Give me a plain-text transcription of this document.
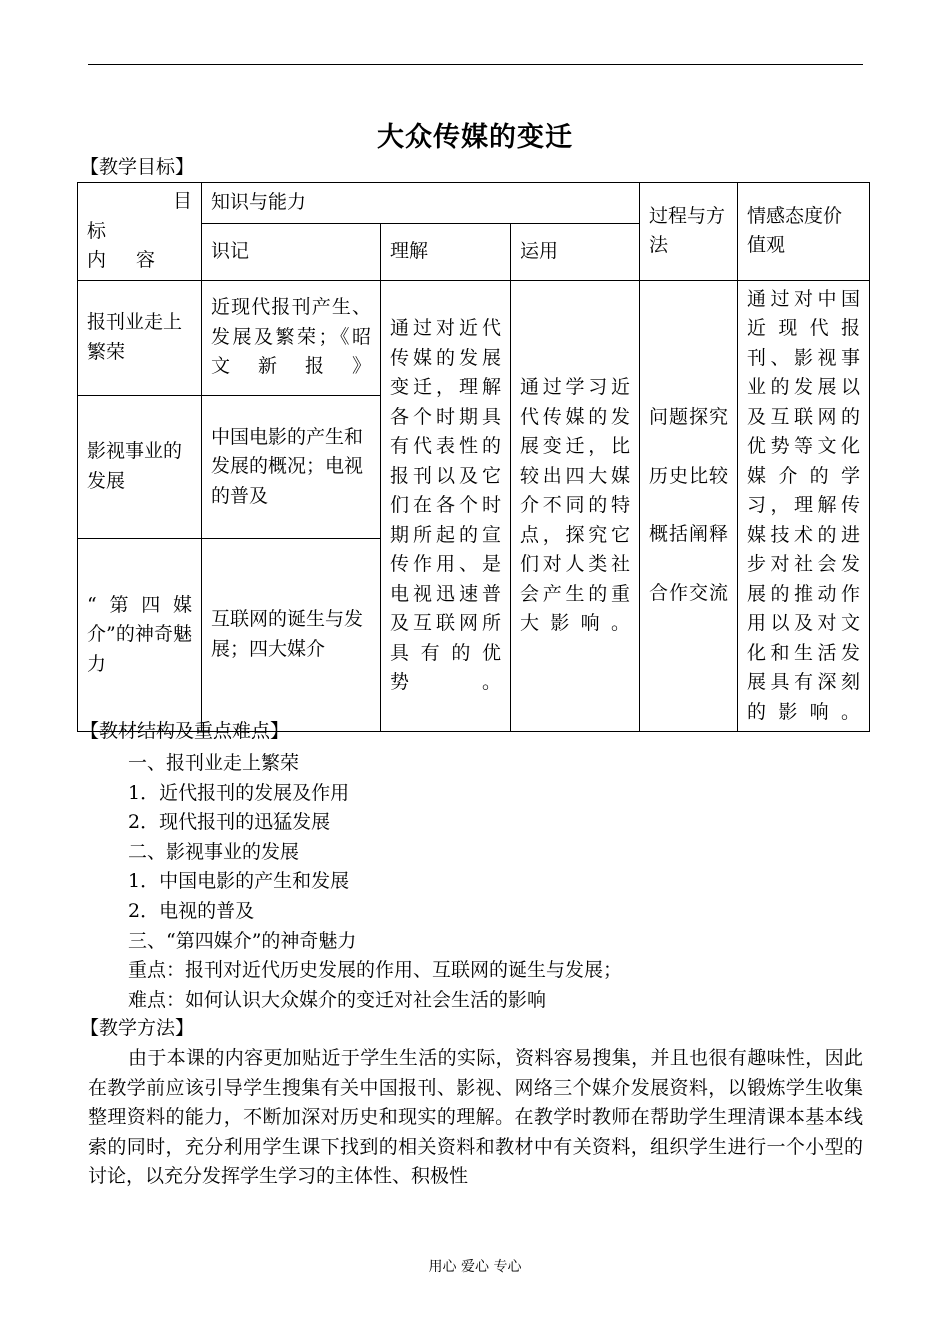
大众传媒的变迁
【教学目标】
目
标
内容	知识与能力			过程与方法	情感态度价值观
	识记	理解	运用		
报刊业走上繁荣	近现代报刊产生、发展及繁荣；《昭文新报》	通过对近代传媒的发展变迁，理解各个时期具有代表性的报刊以及它们在各个时期所起的宣传作用、是电视迅速普及互联网所具有的优势。	通过学习近代传媒的发展变迁，比较出四大媒介不同的特点，探究它们对人类社会产生的重大影响。	问题探究
历史比较
概括阐释
合作交流	通过对中国近现代报刊、影视事业的发展以及互联网的优势等文化媒介的学习，理解传媒技术的进步对社会发展的推动作用以及对文化和生活发展具有深刻的影响。
影视事业的发展	中国电影的产生和发展的概况；电视的普及				
“第四媒介”的神奇魅力	互联网的诞生与发展；四大媒介				
【教材结构及重点难点】
一、报刊业走上繁荣
1．近代报刊的发展及作用
2．现代报刊的迅猛发展
二、影视事业的发展
1．中国电影的产生和发展
2．电视的普及
三、“第四媒介”的神奇魅力
重点：报刊对近代历史发展的作用、互联网的诞生与发展；
难点：如何认识大众媒介的变迁对社会生活的影响
【教学方法】
由于本课的内容更加贴近于学生生活的实际，资料容易搜集，并且也很有趣味性，因此在教学前应该引导学生搜集有关中国报刊、影视、网络三个媒介发展资料，以锻炼学生收集整理资料的能力，不断加深对历史和现实的理解。在教学时教师在帮助学生理清课本基本线索的同时，充分利用学生课下找到的相关资料和教材中有关资料，组织学生进行一个小型的讨论，以充分发挥学生学习的主体性、积极性
用心 爱心 专心
